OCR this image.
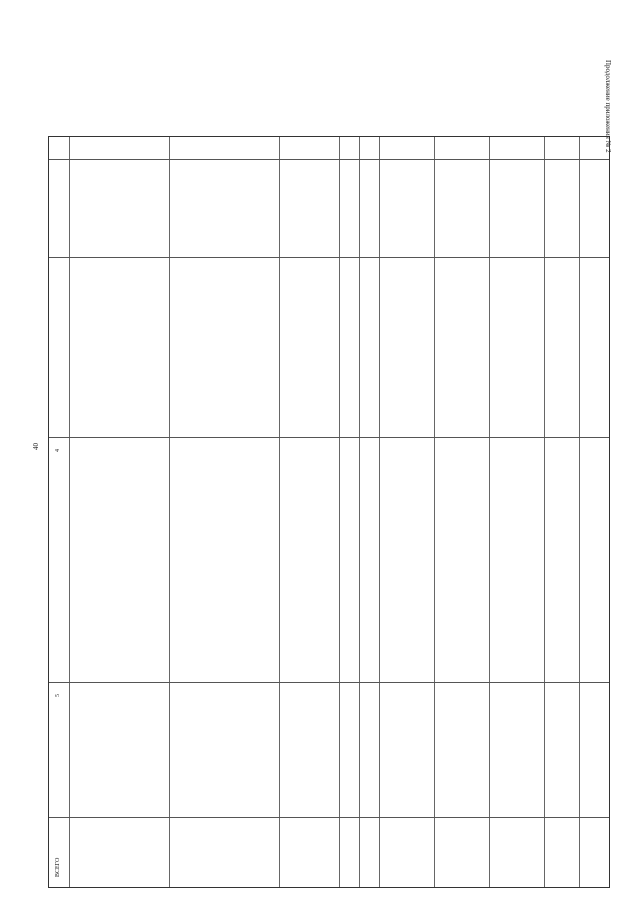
40
Продолжение приложения № 2
4
5
ВСЕГО
